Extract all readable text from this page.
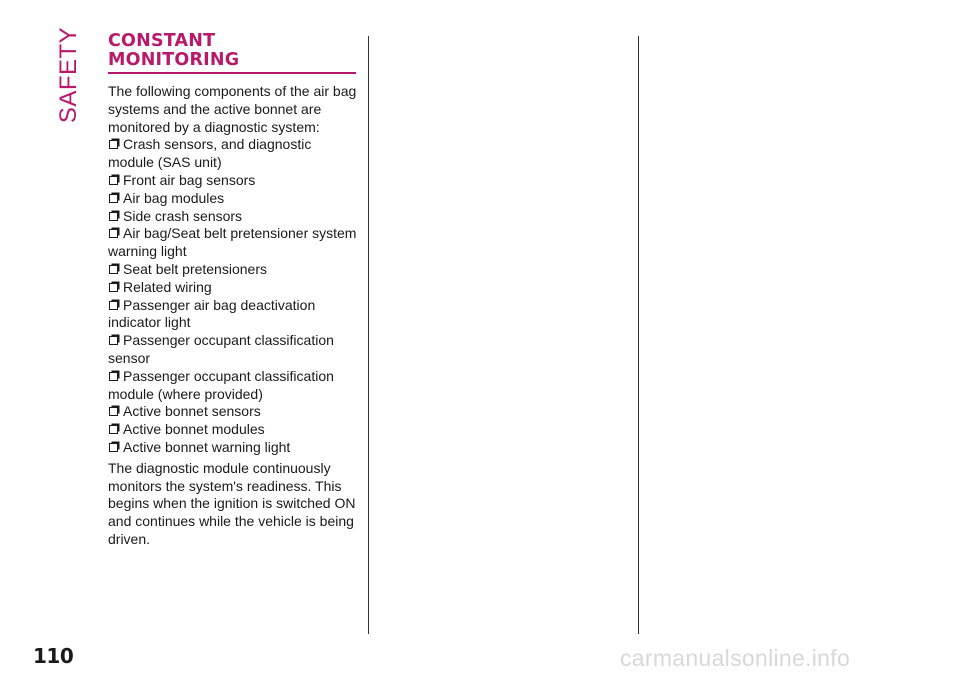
SAFETY CONSTANT
MONITORING

The following components of the air bag systems and the active bonnet are monitored by a diagnostic system:

Crash sensors, and diagnostic module (SAS unit)
Front air bag sensors
Air bag modules
Side crash sensors
Air bag/Seat belt pretensioner system warning light
Seat belt pretensioners
Related wiring
Passenger air bag deactivation indicator light
Passenger occupant classification sensor
Passenger occupant classification module (where provided)
Active bonnet sensors
Active bonnet modules
Active bonnet warning light

The diagnostic module continuously monitors the system's readiness. This begins when the ignition is switched ON and continues while the vehicle is being driven.

110	carmanualsonline.info
